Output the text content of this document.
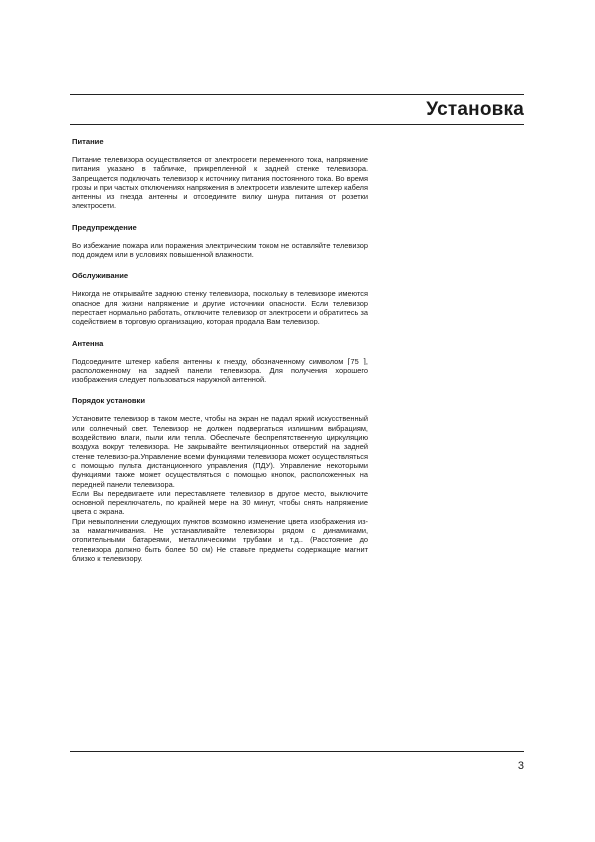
Установка
Питание

Питание телевизора осуществляется от электросети переменного тока, напряжение питания указано в табличке, прикрепленной к задней стенке телевизора. Запрещается подключать телевизор к источнику питания постоянного тока. Во время грозы и при частых отключениях напряжения в электросети извлеките штекер кабеля антенны из гнезда антенны и отсоедините вилку шнура питания от розетки электросети.

Предупреждение

Во избежание пожара или поражения электрическим током не оставляйте телевизор под дождем или в условиях повышенной влажности.

Обслуживание

Никогда не открывайте заднюю стенку телевизора, поскольку в телевизоре имеются опасное для жизни напряжение и другие источники опасности. Если телевизор перестает нормально работать, отключите телевизор от электросети и обратитесь за содействием в торговую организацию, которая продала Вам телевизор.

Антенна

Подсоедините штекер кабеля антенны к гнезду, обозначенному символом ⌈75 ⌉, расположенному на задней панели телевизора. Для получения хорошего изображения следует пользоваться наружной антенной.

Порядок установки

Установите телевизор в таком месте, чтобы на экран не падал яркий искусственный или солнечный свет. Телевизор не должен подвергаться излишним вибрациям, воздействию влаги, пыли или тепла. Обеспечьте беспрепятственную циркуляцию воздуха вокруг телевизора. Не закрывайте вентиляционных отверстий на задней стенке телевизо-ра.Управление всеми функциями телевизора может осуществляться с помощью пульта дистанционного управления (ПДУ). Управление некоторыми функциями также может осуществляться с помощью кнопок, расположенных на передней панели телевизора.

Если Вы передвигаете или переставляете телевизор в другое место, выключите основной переключатель, по крайней мере на 30 минут, чтобы снять напряжение цвета с экрана.

При невыполнении следующих пунктов возможно изменение цвета изображения из-за намагничивания. Не устанавливайте телевизоры рядом с динамиками, отопительными батареями, металлическими трубами и т.д.. (Расстояние до телевизора должно быть более 50 см) Не ставьте предметы содержащие магнит близко к телевизору.

3
